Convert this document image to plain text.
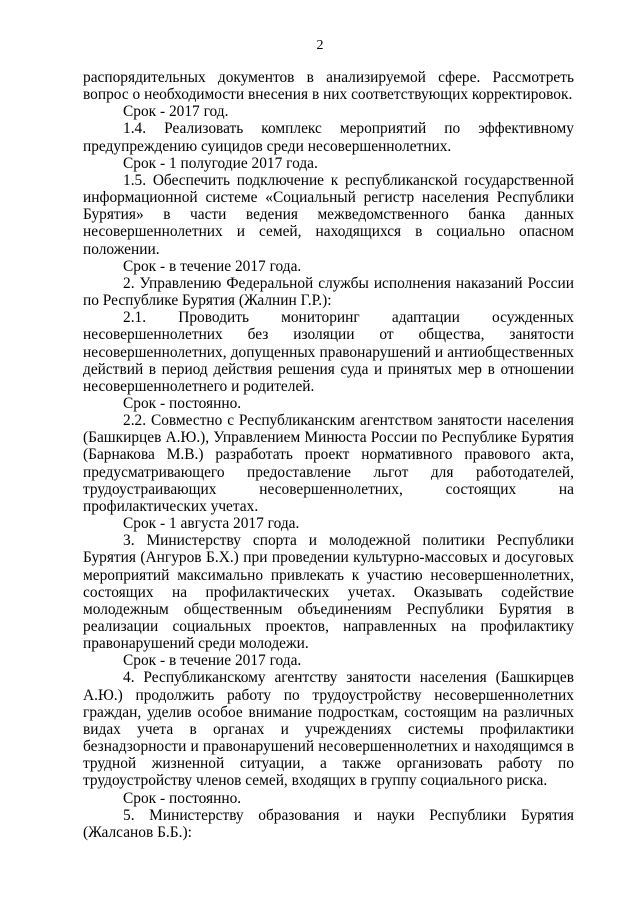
2

распорядительных документов в анализируемой сфере. Рассмотреть вопрос о необходимости внесения в них соответствующих корректировок.

Срок - 2017 год.

1.4. Реализовать комплекс мероприятий по эффективному предупреждению суицидов среди несовершеннолетних.

Срок - 1 полугодие 2017 года.

1.5. Обеспечить подключение к республиканской государственной информационной системе «Социальный регистр населения Республики Бурятия» в части ведения межведомственного банка данных несовершеннолетних и семей, находящихся в социально опасном положении.

Срок - в течение 2017 года.

2. Управлению Федеральной службы исполнения наказаний России по Республике Бурятия (Жалнин Г.Р.):

2.1. Проводить мониторинг адаптации осужденных несовершеннолетних без изоляции от общества, занятости несовершеннолетних, допущенных правонарушений и антиобщественных действий в период действия решения суда и принятых мер в отношении несовершеннолетнего и родителей.

Срок - постоянно.

2.2. Совместно с Республиканским агентством занятости населения (Башкирцев А.Ю.), Управлением Минюста России по Республике Бурятия (Барнакова М.В.) разработать проект нормативного правового акта, предусматривающего предоставление льгот для работодателей, трудоустраивающих несовершеннолетних, состоящих на профилактических учетах.

Срок - 1 августа 2017 года.

3. Министерству спорта и молодежной политики Республики Бурятия (Ангуров Б.Х.) при проведении культурно-массовых и досуговых мероприятий максимально привлекать к участию несовершеннолетних, состоящих на профилактических учетах. Оказывать содействие молодежным общественным объединениям Республики Бурятия в реализации социальных проектов, направленных на профилактику правонарушений среди молодежи.

Срок - в течение 2017 года.

4. Республиканскому агентству занятости населения (Башкирцев А.Ю.) продолжить работу по трудоустройству несовершеннолетних граждан, уделив особое внимание подросткам, состоящим на различных видах учета в органах и учреждениях системы профилактики безнадзорности и правонарушений несовершеннолетних и находящимся в трудной жизненной ситуации, а также организовать работу по трудоустройству членов семей, входящих в группу социального риска.

Срок - постоянно.

5. Министерству образования и науки Республики Бурятия (Жалсанов Б.Б.):
